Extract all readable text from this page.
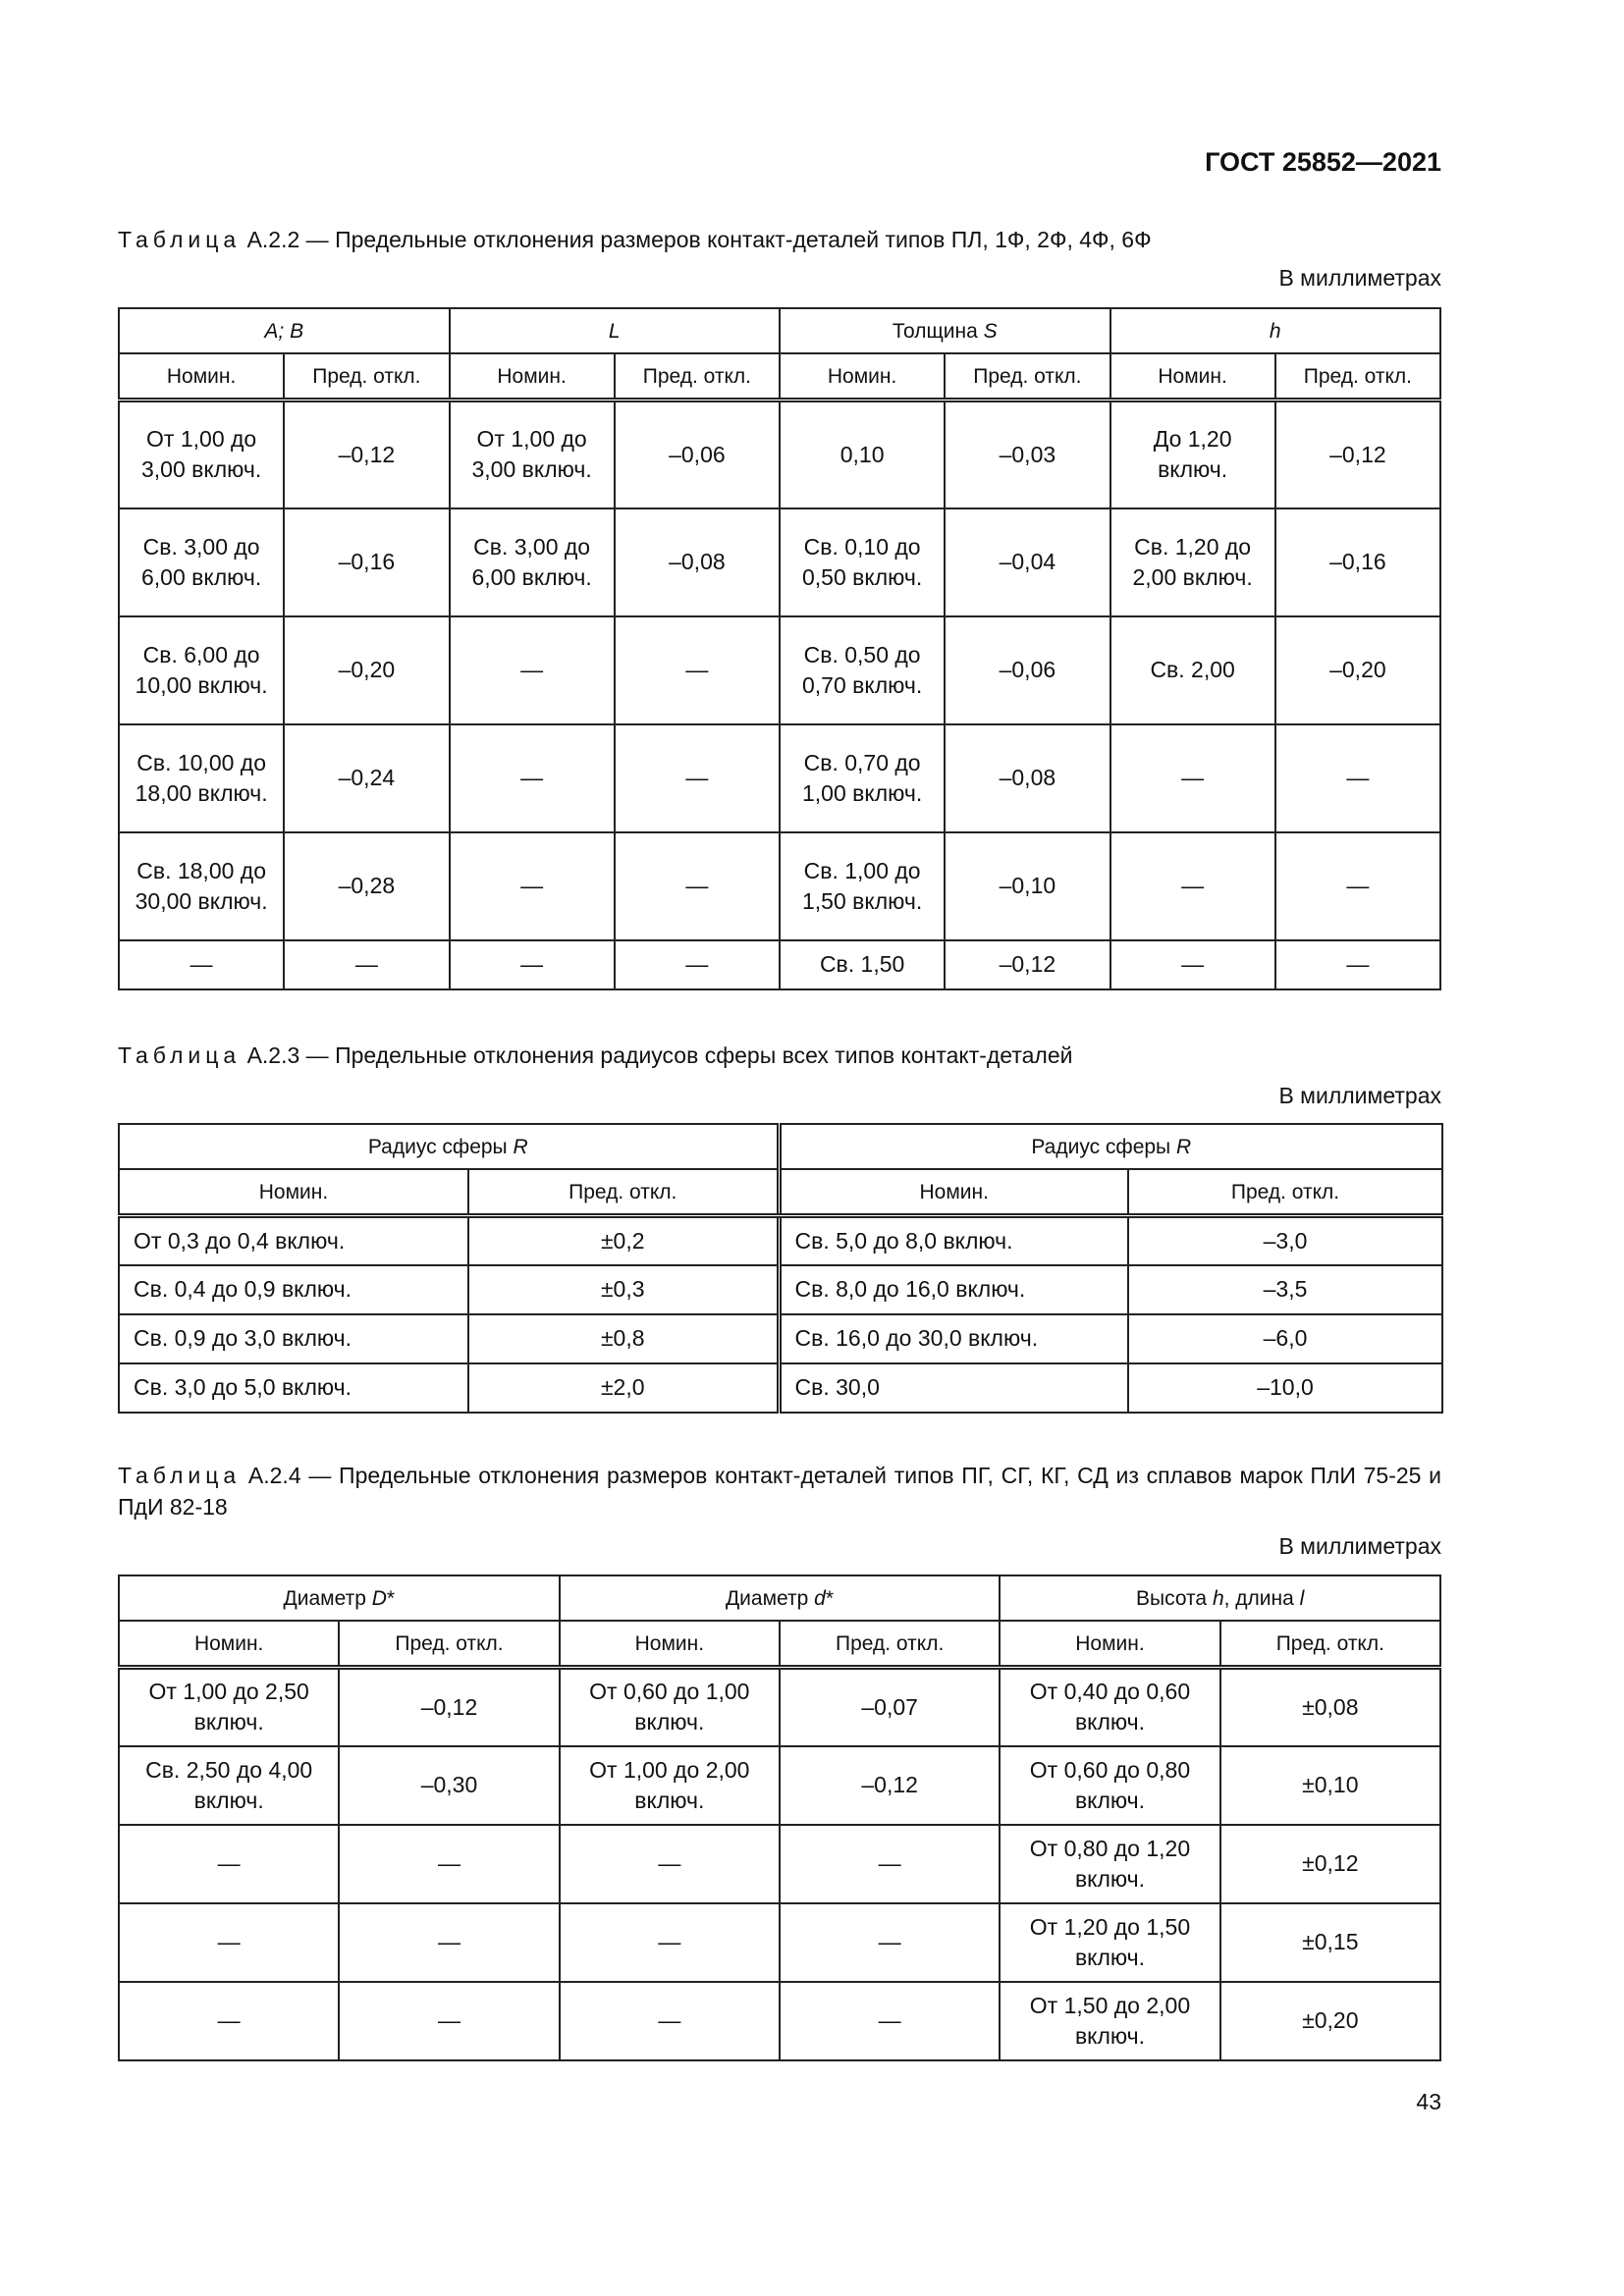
ГОСТ 25852—2021
Таблица А.2.2 — Предельные отклонения размеров контакт-деталей типов ПЛ, 1Ф, 2Ф, 4Ф, 6Ф
В миллиметрах
A; B		L		Толщина S		h	
Номин.	Пред. откл.	Номин.	Пред. откл.	Номин.	Пред. откл.	Номин.	Пред. откл.
От 1,00 до 3,00 включ.	–0,12	От 1,00 до 3,00 включ.	–0,06	0,10	–0,03	До 1,20 включ.	–0,12
Св. 3,00 до 6,00 включ.	–0,16	Св. 3,00 до 6,00 включ.	–0,08	Св. 0,10 до 0,50 включ.	–0,04	Св. 1,20 до 2,00 включ.	–0,16
Св. 6,00 до 10,00 включ.	–0,20	—	—	Св. 0,50 до 0,70 включ.	–0,06	Св. 2,00	–0,20
Св. 10,00 до 18,00 включ.	–0,24	—	—	Св. 0,70 до 1,00 включ.	–0,08	—	—
Св. 18,00 до 30,00 включ.	–0,28	—	—	Св. 1,00 до 1,50 включ.	–0,10	—	—
—	—	—	—	Св. 1,50	–0,12	—	—
Таблица А.2.3 — Предельные отклонения радиусов сферы всех типов контакт-деталей
В миллиметрах
Радиус сферы R		Радиус сферы R	
Номин.	Пред. откл.	Номин.	Пред. откл.
От 0,3 до 0,4 включ.	±0,2	Св. 5,0 до 8,0 включ.	–3,0
Св. 0,4 до 0,9 включ.	±0,3	Св. 8,0 до 16,0 включ.	–3,5
Св. 0,9 до 3,0 включ.	±0,8	Св. 16,0 до 30,0 включ.	–6,0
Св. 3,0 до 5,0 включ.	±2,0	Св. 30,0	–10,0
Таблица А.2.4 — Предельные отклонения размеров контакт-деталей типов ПГ, СГ, КГ, СД из сплавов марок ПлИ 75-25 и ПдИ 82-18
В миллиметрах
Диаметр D*		Диаметр d*		Высота h, длина l	
Номин.	Пред. откл.	Номин.	Пред. откл.	Номин.	Пред. откл.
От 1,00 до 2,50 включ.	–0,12	От 0,60 до 1,00 включ.	–0,07	От 0,40 до 0,60 включ.	±0,08
Св. 2,50 до 4,00 включ.	–0,30	От 1,00 до 2,00 включ.	–0,12	От 0,60 до 0,80 включ.	±0,10
—	—	—	—	От 0,80 до 1,20 включ.	±0,12
—	—	—	—	От 1,20 до 1,50 включ.	±0,15
—	—	—	—	От 1,50 до 2,00 включ.	±0,20
43
